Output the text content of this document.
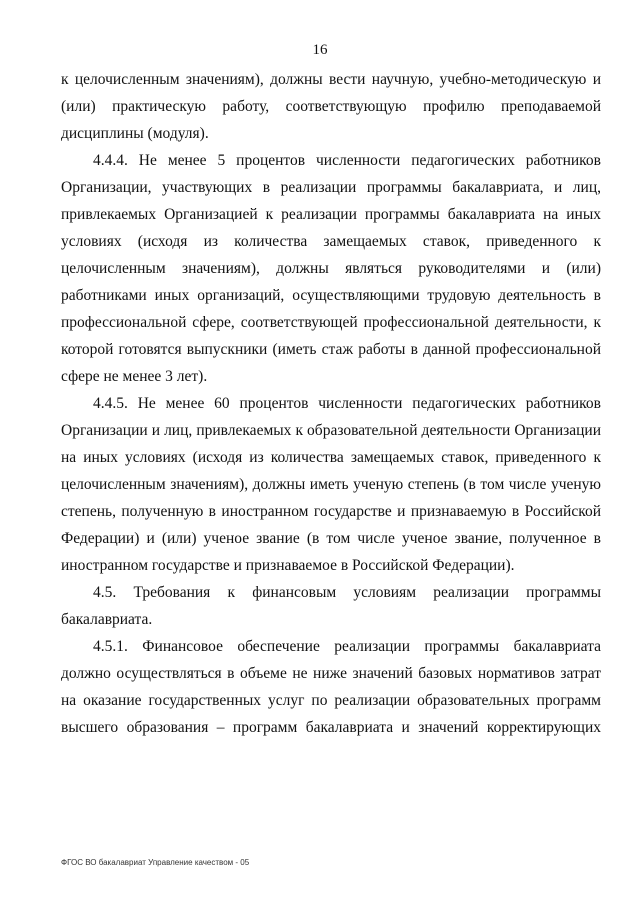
16

к целочисленным значениям), должны вести научную, учебно-методическую и (или) практическую работу, соответствующую профилю преподаваемой дисциплины (модуля).

4.4.4. Не менее 5 процентов численности педагогических работников Организации, участвующих в реализации программы бакалавриата, и лиц, привлекаемых Организацией к реализации программы бакалавриата на иных условиях (исходя из количества замещаемых ставок, приведенного к целочисленным значениям), должны являться руководителями и (или) работниками иных организаций, осуществляющими трудовую деятельность в профессиональной сфере, соответствующей профессиональной деятельности, к которой готовятся выпускники (иметь стаж работы в данной профессиональной сфере не менее 3 лет).

4.4.5. Не менее 60 процентов численности педагогических работников Организации и лиц, привлекаемых к образовательной деятельности Организации на иных условиях (исходя из количества замещаемых ставок, приведенного к целочисленным значениям), должны иметь ученую степень (в том числе ученую степень, полученную в иностранном государстве и признаваемую в Российской Федерации) и (или) ученое звание (в том числе ученое звание, полученное в иностранном государстве и признаваемое в Российской Федерации).

4.5. Требования к финансовым условиям реализации программы бакалавриата.

4.5.1. Финансовое обеспечение реализации программы бакалавриата должно осуществляться в объеме не ниже значений базовых нормативов затрат на оказание государственных услуг по реализации образовательных программ высшего образования – программ бакалавриата и значений корректирующих

ФГОС ВО бакалавриат Управление качеством - 05
